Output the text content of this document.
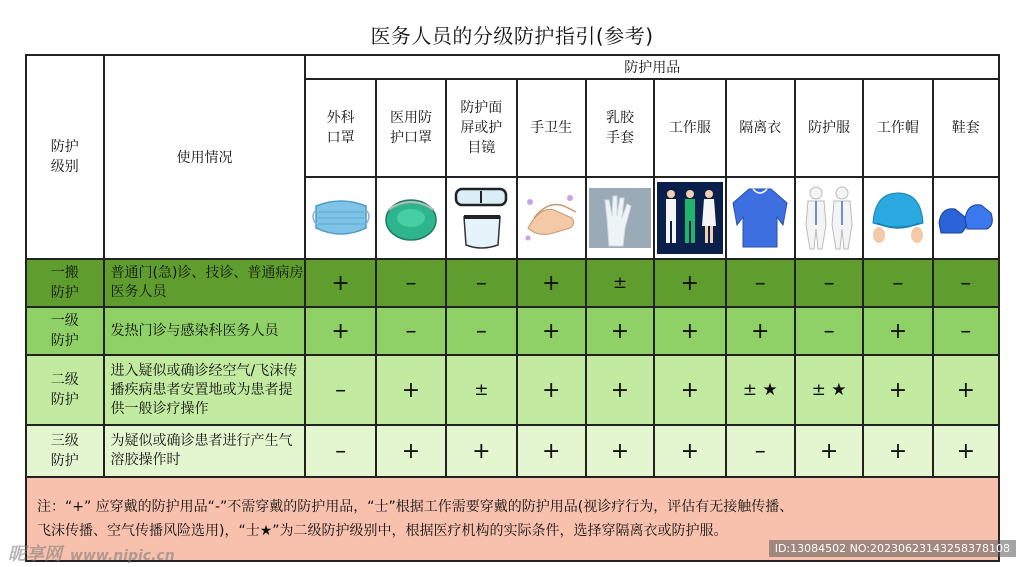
医务人员的分级防护指引(参考)
防护级别	使用情况	防护用品									
		外科口罩	医用防护口罩	防护面屏或护目镜	手卫生	乳胶手套	工作服	隔离衣	防护服	工作帽	鞋套

一搬防护	普通门(急)诊、技诊、普通病房医务人员	+	–	–	+	±	+	–	–	–	–
一级防护	发热门诊与感染科医务人员	+	–	–	+	+	+	+	–	+	–
二级防护	进入疑似或确诊经空气/飞沫传播疾病患者安置地或为患者提供一般诊疗操作	–	+	±	+	+	+	± ★	± ★	+	+
三级防护	为疑似或确诊患者进行产生气溶胶操作时	–	+	+	+	+	+	–	+	+	+

注：“+” 应穿戴的防护用品“-”不需穿戴的防护用品，“士”根据工作需要穿戴的防护用品(视诊疗行为，评估有无接触传播、
飞沫传播、空气传播风险选用)，“士★”为二级防护级别中，根据医疗机构的实际条件，选择穿隔离衣或防护服。											
昵享网 www.nipic.cn	ID:13084502 NO:20230623143258378108
